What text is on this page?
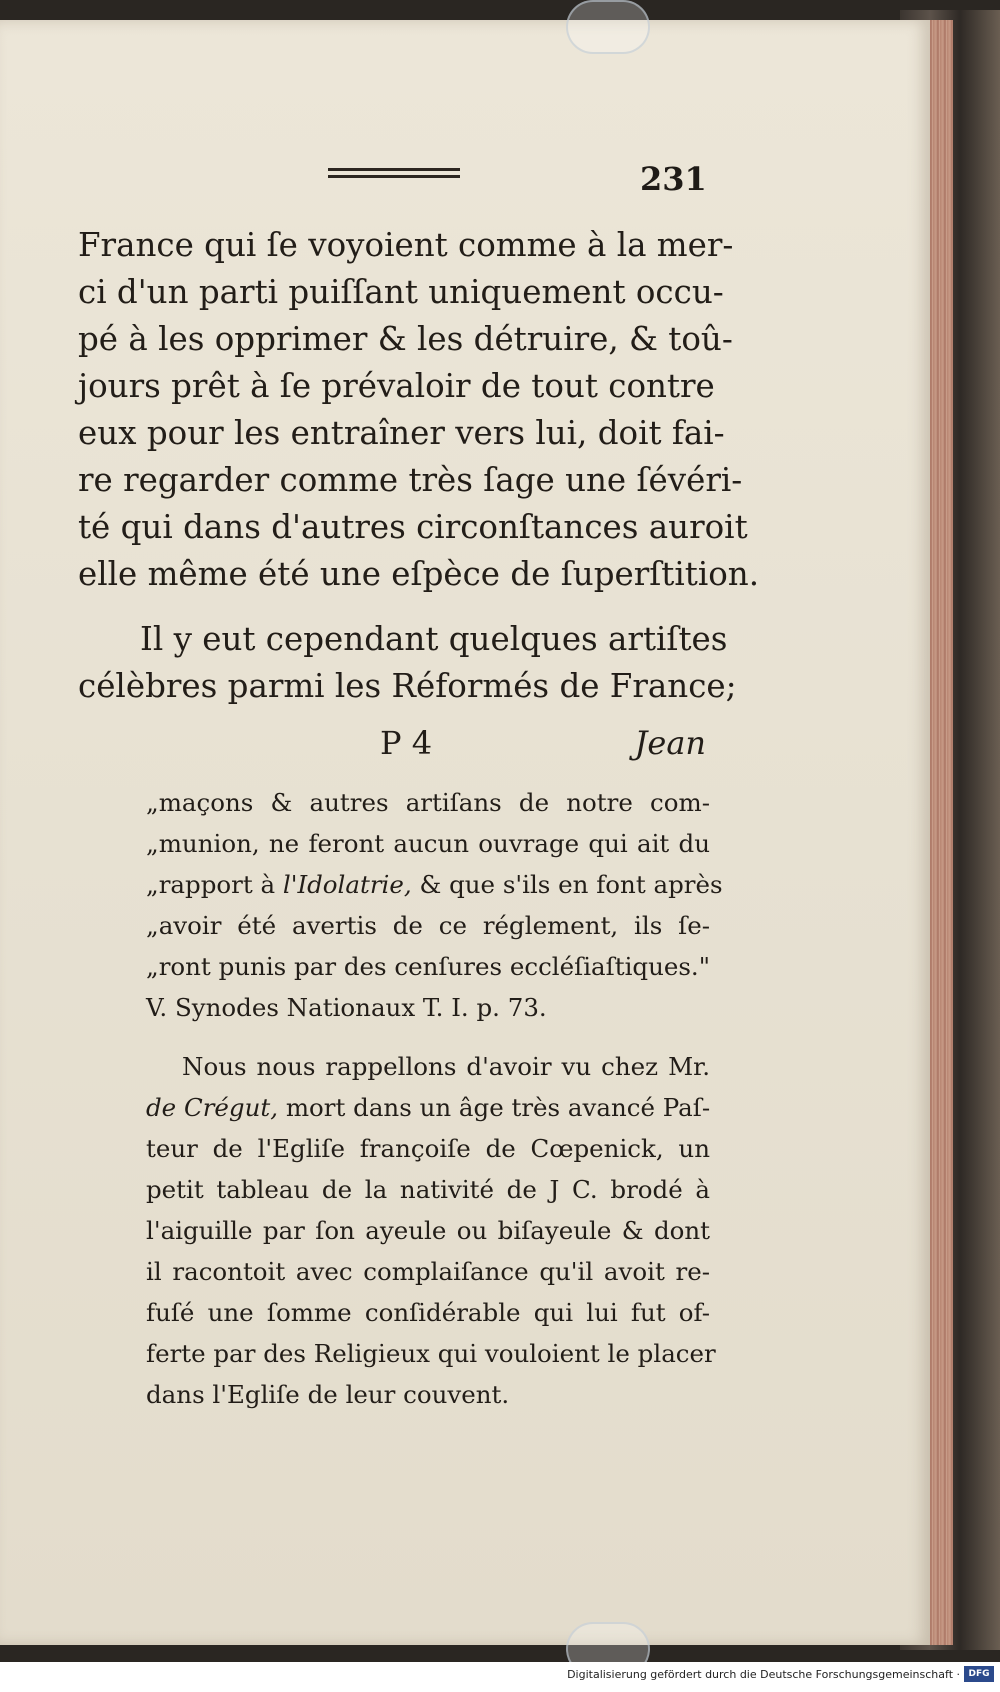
231
France qui ſe voyoient comme à la mer-
ci d'un parti puiſſant uniquement occu-
pé à les opprimer & les détruire, & toû-
jours prêt à ſe prévaloir de tout contre
eux pour les entraîner vers lui, doit fai-
re regarder comme très ſage une ſévéri-
té qui dans d'autres circonſtances auroit
elle même été une eſpèce de ſuperſtition.
Il y eut cependant quelques artiſtes
célèbres parmi les Réformés de France;
P 4	Jean
„maçons & autres artiſans de notre com-
„munion, ne feront aucun ouvrage qui ait du
„rapport à l'Idolatrie, & que s'ils en font après
„avoir été avertis de ce réglement, ils ſe-
„ront punis par des cenſures eccléſiaſtiques."
V. Synodes Nationaux T. I. p. 73.
Nous nous rappellons d'avoir vu chez Mr.
de Crégut, mort dans un âge très avancé Paſ-
teur de l'Egliſe françoiſe de Cœpenick, un
petit tableau de la nativité de J C. brodé à
l'aiguille par ſon ayeule ou biſayeule & dont
il racontoit avec complaiſance qu'il avoit re-
fuſé une ſomme conſidérable qui lui fut of-
ferte par des Religieux qui vouloient le placer
dans l'Egliſe de leur couvent.
Digitalisierung gefördert durch die Deutsche Forschungsgemeinschaft · DFG
